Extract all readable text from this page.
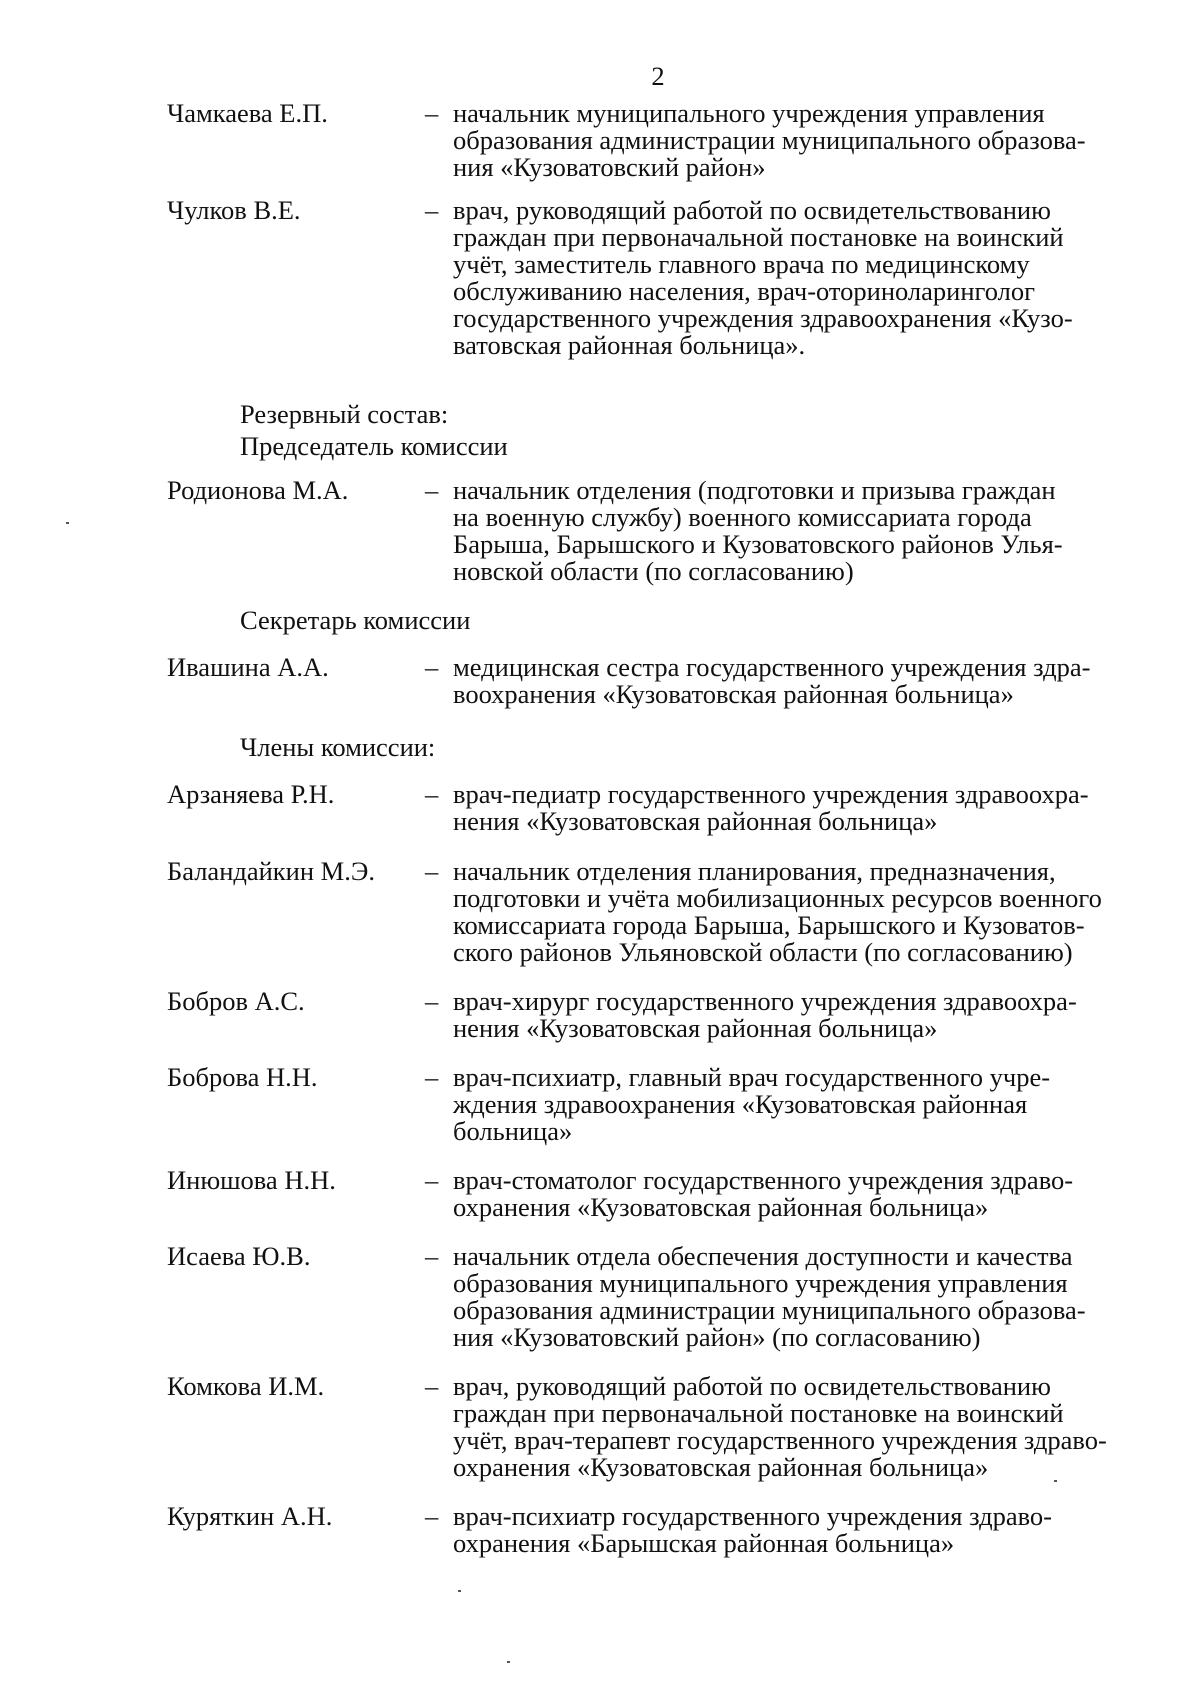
2
Чамкаева Е.П.	– начальник муниципального учреждения управления
образования администрации муниципального образова-
ния «Кузоватовский район»
Чулков В.Е.	– врач, руководящий работой по освидетельствованию
граждан при первоначальной постановке на воинский
учёт, заместитель главного врача по медицинскому
обслуживанию населения, врач-оториноларинголог
государственного учреждения здравоохранения «Кузо-
ватовская районная больница».
Резервный состав:
Председатель комиссии
Родионова М.А.	– начальник отделения (подготовки и призыва граждан
на военную службу) военного комиссариата города
Барыша, Барышского и Кузоватовского районов Улья-
новской области (по согласованию)
Секретарь комиссии
Ивашина А.А.	– медицинская сестра государственного учреждения здра-
воохранения «Кузоватовская районная больница»
Члены комиссии:
Арзаняева Р.Н.	– врач-педиатр государственного учреждения здравоохра-
нения «Кузоватовская районная больница»
Баландайкин М.Э. – начальник отделения планирования, предназначения,
подготовки и учёта мобилизационных ресурсов военного
комиссариата города Барыша, Барышского и Кузоватов-
ского районов Ульяновской области (по согласованию)
Бобров А.С.	– врач-хирург государственного учреждения здравоохра-
нения «Кузоватовская районная больница»
Боброва Н.Н.	– врач-психиатр, главный врач государственного учре-
ждения здравоохранения «Кузоватовская районная
больница»
Инюшова Н.Н.	– врач-стоматолог государственного учреждения здраво-
охранения «Кузоватовская районная больница»
Исаева Ю.В.	– начальник отдела обеспечения доступности и качества
образования муниципального учреждения управления
образования администрации муниципального образова-
ния «Кузоватовский район» (по согласованию)
Комкова И.М.	– врач, руководящий работой по освидетельствованию
граждан при первоначальной постановке на воинский
учёт, врач-терапевт государственного учреждения здраво-
охранения «Кузоватовская районная больница»
Куряткин А.Н.	– врач-психиатр государственного учреждения здраво-
охранения «Барышская районная больница»
